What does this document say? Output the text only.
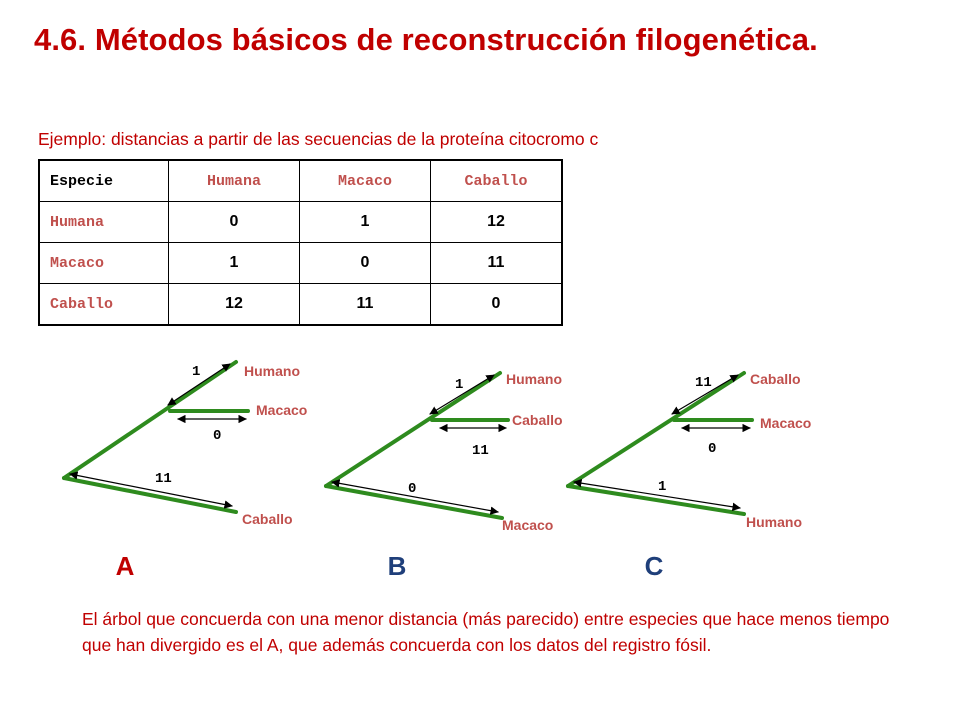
4.6. Métodos básicos de reconstrucción filogenética.
Ejemplo: distancias a partir de las secuencias de la proteína citocromo c
Especie	Humana	Macaco	Caballo
Humana	0	1	12
Macaco	1	0	11
Caballo	12	11	0
1
0
11
Humano
Macaco
Caballo
A
1
11
0
Humano
Caballo
Macaco
B
11
0
1
Caballo
Macaco
Humano
C
El árbol que concuerda con una menor distancia (más parecido) entre especies que hace menos tiempo que han divergido es el A, que además concuerda con los datos del registro fósil.
